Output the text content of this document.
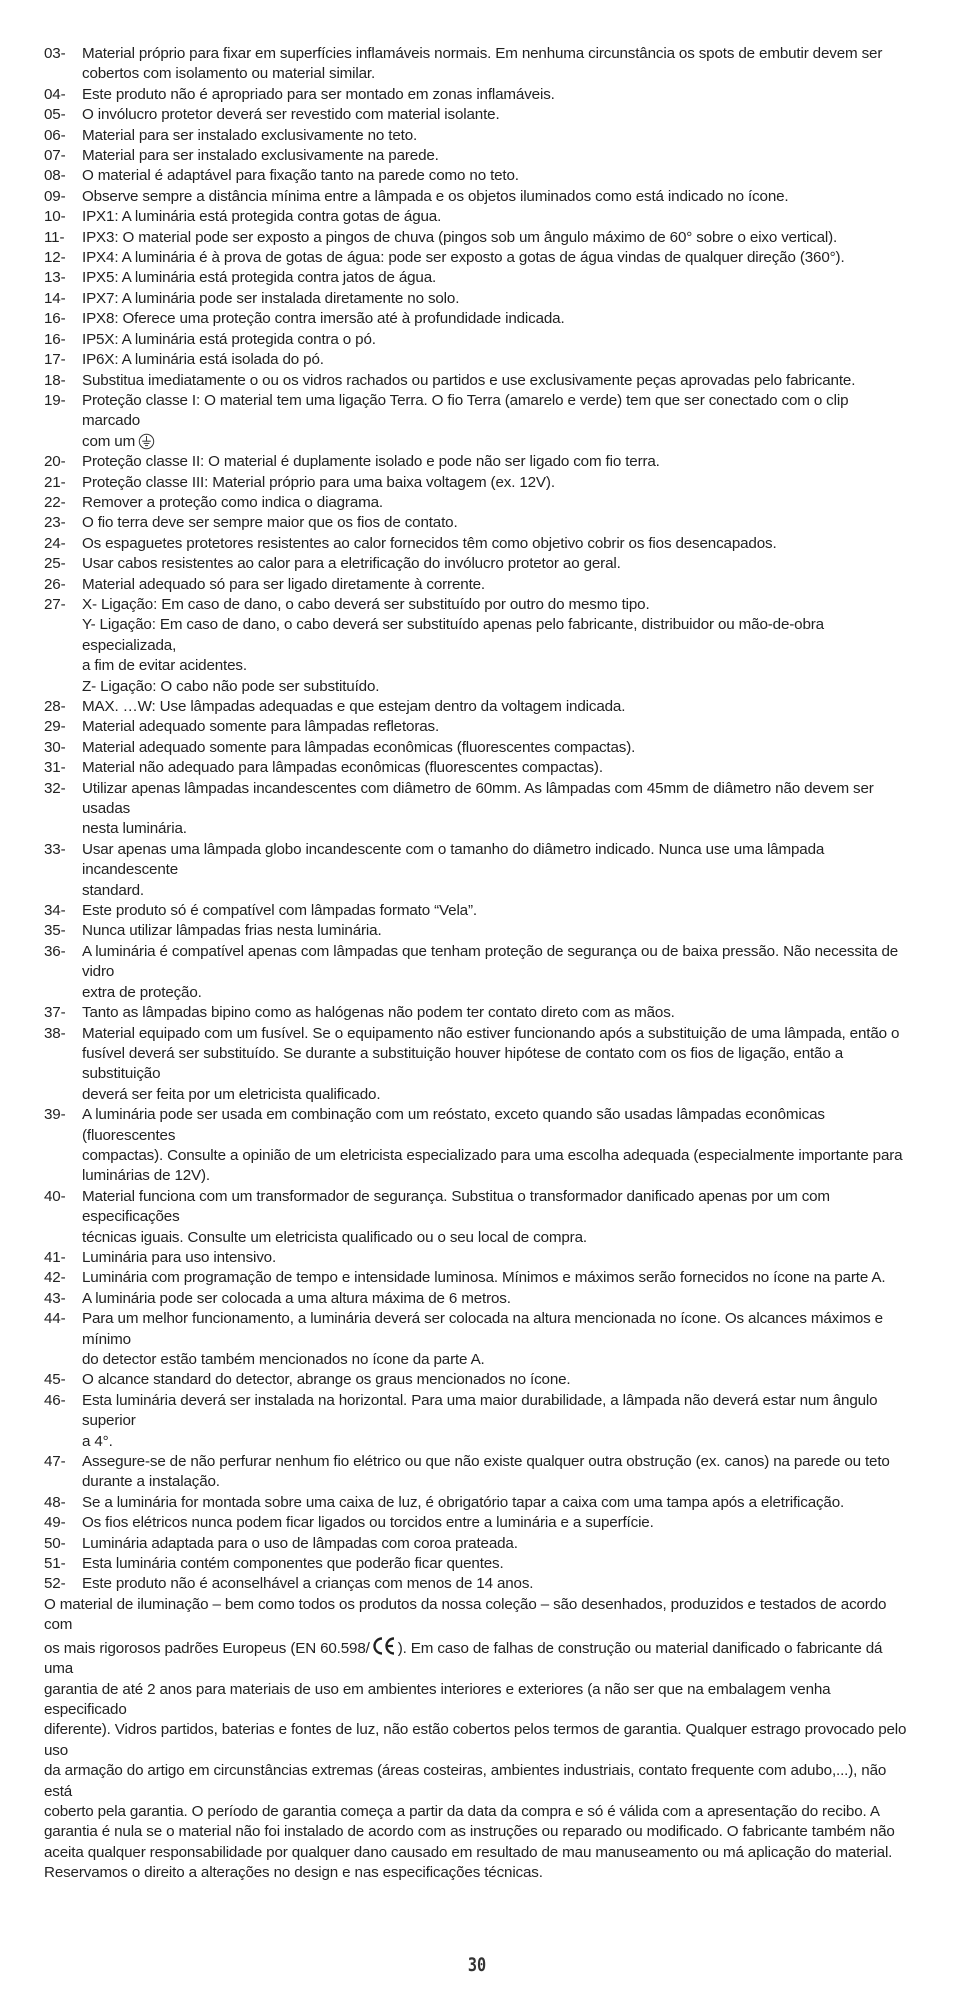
03-	Material próprio para fixar em superfícies inflamáveis normais. Em nenhuma circunstância os spots de embutir devem ser
cobertos com isolamento ou material similar.
04-	Este produto não é apropriado para ser montado em zonas inflamáveis.
05-	O invólucro protetor deverá ser revestido com material isolante.
06-	Material para ser instalado exclusivamente no teto.
07-	Material para ser instalado exclusivamente na parede.
08-	O material é adaptável para fixação tanto na parede como no teto.
09-	Observe sempre a distância mínima entre a lâmpada e os objetos iluminados como está indicado no ícone.
10-	IPX1: A luminária está protegida contra gotas de água.
11-	IPX3: O material pode ser exposto a pingos de chuva (pingos sob um ângulo máximo de 60° sobre o eixo vertical).
12-	IPX4: A luminária é à prova de gotas de água: pode ser exposto a gotas de água vindas de qualquer direção (360°).
13-	IPX5: A luminária está protegida contra jatos de água.
14-	IPX7: A luminária pode ser instalada diretamente no solo.
16-	IPX8: Oferece uma proteção contra imersão até à profundidade indicada.
16-	IP5X: A luminária está protegida contra o pó.
17-	IP6X: A luminária está isolada do pó.
18-	Substitua imediatamente o ou os vidros rachados ou partidos e use exclusivamente peças aprovadas pelo fabricante.
19-	Proteção classe I: O material tem uma ligação Terra. O fio Terra (amarelo e verde) tem que ser conectado com o clip marcado
com um
20-	Proteção classe II: O material é duplamente isolado e pode não ser ligado com fio terra.
21-	Proteção classe III: Material próprio para uma baixa voltagem (ex. 12V).
22-	Remover a proteção como indica o diagrama.
23-	O fio terra deve ser sempre maior que os fios de contato.
24-	Os espaguetes protetores resistentes ao calor fornecidos têm como objetivo cobrir os fios desencapados.
25-	Usar cabos resistentes ao calor para a eletrificação do invólucro protetor ao geral.
26-	Material adequado só para ser ligado diretamente à corrente.
27-	X- Ligação: Em caso de dano, o cabo deverá ser substituído por outro do mesmo tipo.
Y- Ligação: Em caso de dano, o cabo deverá ser substituído apenas pelo fabricante, distribuidor ou mão-de-obra especializada,
a fim de evitar acidentes.
Z- Ligação: O cabo não pode ser substituído.
28-	MAX. …W: Use lâmpadas adequadas e que estejam dentro da voltagem indicada.
29-	Material adequado somente para lâmpadas refletoras.
30-	Material adequado somente para lâmpadas econômicas (fluorescentes compactas).
31-	Material não adequado para lâmpadas econômicas (fluorescentes compactas).
32-	Utilizar apenas lâmpadas incandescentes com diâmetro de 60mm. As lâmpadas com 45mm de diâmetro não devem ser usadas
nesta luminária.
33-	Usar apenas uma lâmpada globo incandescente com o tamanho do diâmetro indicado. Nunca use uma lâmpada incandescente
standard.
34-	Este produto só é compatível com lâmpadas formato “Vela”.
35-	Nunca utilizar lâmpadas frias nesta luminária.
36-	A luminária é compatível apenas com lâmpadas que tenham proteção de segurança ou de baixa pressão. Não necessita de vidro
extra de proteção.
37-	Tanto as lâmpadas bipino como as halógenas não podem ter contato direto com as mãos.
38-	Material equipado com um fusível. Se o equipamento não estiver funcionando após a substituição de uma lâmpada, então o
fusível deverá ser substituído. Se durante a substituição houver hipótese de contato com os fios de ligação, então a substituição
deverá ser feita por um eletricista qualificado.
39-	A luminária pode ser usada em combinação com um reóstato, exceto quando são usadas lâmpadas econômicas (fluorescentes
compactas). Consulte a opinião de um eletricista especializado para uma escolha adequada (especialmente importante para
luminárias de 12V).
40-	Material funciona com um transformador de segurança. Substitua o transformador danificado apenas por um com especificações
técnicas iguais. Consulte um eletricista qualificado ou o seu local de compra.
41-	Luminária para uso intensivo.
42-	Luminária com programação de tempo e intensidade luminosa. Mínimos e máximos serão fornecidos no ícone na parte A.
43-	A luminária pode ser colocada a uma altura máxima de 6 metros.
44-	Para um melhor funcionamento, a luminária deverá ser colocada na altura mencionada no ícone. Os alcances máximos e mínimo
do detector estão também mencionados no ícone da parte A.
45-	O alcance standard do detector, abrange os graus mencionados no ícone.
46-	Esta luminária deverá ser instalada na horizontal. Para uma maior durabilidade, a lâmpada não deverá estar num ângulo superior
a 4°.
47-	Assegure-se de não perfurar nenhum fio elétrico ou que não existe qualquer outra obstrução (ex. canos) na parede ou teto
durante a instalação.
48-	Se a luminária for montada sobre uma caixa de luz, é obrigatório tapar a caixa com uma tampa após a eletrificação.
49-	Os fios elétricos nunca podem ficar ligados ou torcidos entre a luminária e a superfície.
50-	Luminária adaptada para o uso de lâmpadas com coroa prateada.
51-	Esta luminária contém componentes que poderão ficar quentes.
52-	Este produto não é aconselhável a crianças com menos de 14 anos.

O material de iluminação – bem como todos os produtos da nossa coleção – são desenhados, produzidos e testados de acordo com
os mais rigorosos padrões Europeus (EN 60.598/ ). Em caso de falhas de construção ou material danificado o fabricante dá uma
garantia de até 2 anos para materiais de uso em ambientes interiores e exteriores (a não ser que na embalagem venha especificado
diferente). Vidros partidos, baterias e fontes de luz, não estão cobertos pelos termos de garantia. Qualquer estrago provocado pelo uso
da armação do artigo em circunstâncias extremas (áreas costeiras, ambientes industriais, contato frequente com adubo,...), não está
coberto pela garantia. O período de garantia começa a partir da data da compra e só é válida com a apresentação do recibo. A
garantia é nula se o material não foi instalado de acordo com as instruções ou reparado ou modificado. O fabricante também não
aceita qualquer responsabilidade por qualquer dano causado em resultado de mau manuseamento ou má aplicação do material.
Reservamos o direito a alterações no design e nas especificações técnicas.

30
